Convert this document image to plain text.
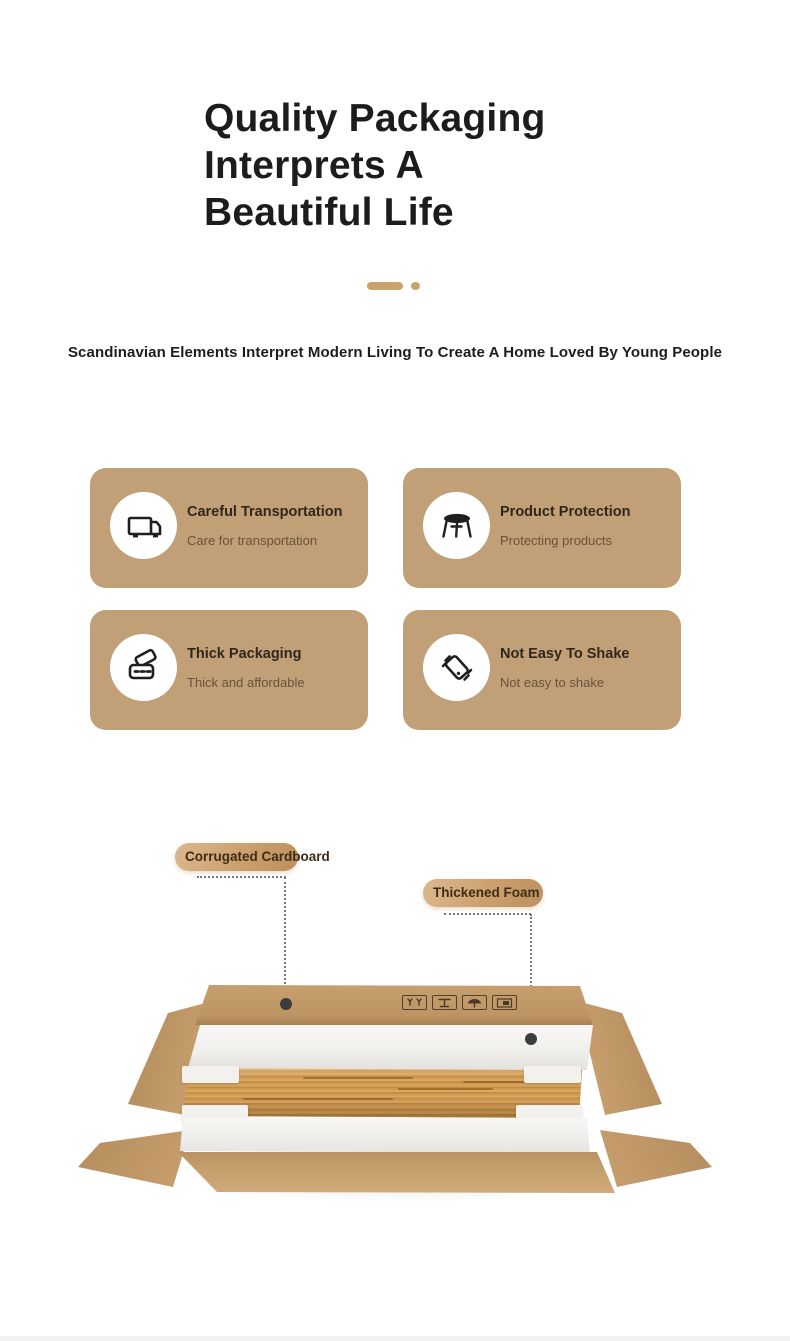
Quality Packaging
Interprets A
Beautiful Life
Scandinavian Elements Interpret Modern Living To Create A Home Loved By Young People
Careful Transportation
Care for transportation
Product Protection
Protecting products
Thick Packaging
Thick and affordable
Not Easy To Shake
Not easy to shake
Corrugated Cardboard
Thickened Foam
